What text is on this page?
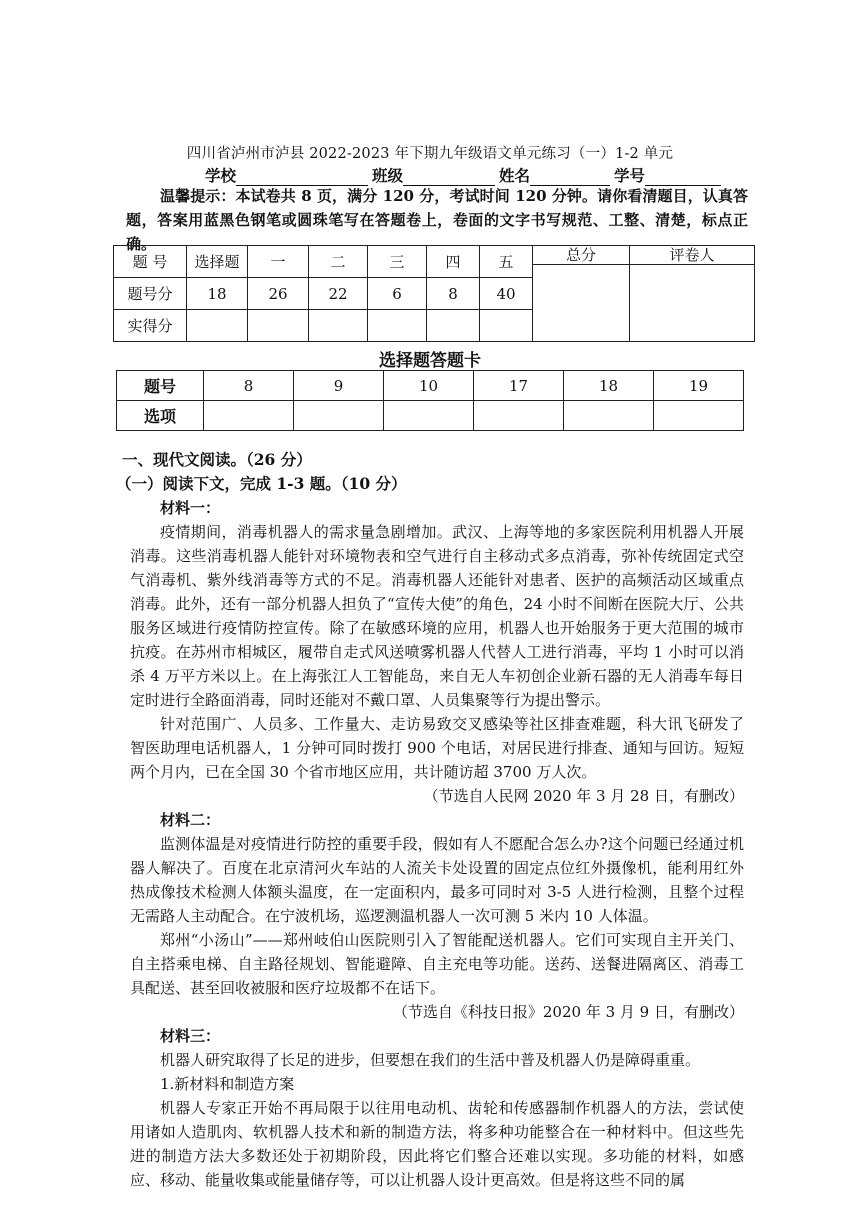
四川省泸州市泸县 2022-2023 年下期九年级语文单元练习（一）1-2 单元
学校	班级	姓名	学号
温馨提示：本试卷共 8 页，满分 120 分，考试时间 120 分钟。请你看清题目，认真答题，答案用蓝黑色钢笔或圆珠笔写在答题卷上，卷面的文字书写规范、工整、清楚，标点正确。
题 号	选择题	一	二	三	四	五	总分	评卷人

题号分	18	26	22	6	8	40		
实得分								
选择题答题卡
题号	8	9	10	17	18	19
选项						
一、现代文阅读。（26 分）
（一）阅读下文，完成 1-3 题。（10 分）
材料一：

疫情期间，消毒机器人的需求量急剧增加。武汉、上海等地的多家医院利用机器人开展消毒。这些消毒机器人能针对环境物表和空气进行自主移动式多点消毒，弥补传统固定式空气消毒机、紫外线消毒等方式的不足。消毒机器人还能针对患者、医护的高频活动区域重点消毒。此外，还有一部分机器人担负了“宣传大使”的角色，24 小时不间断在医院大厅、公共服务区域进行疫情防控宣传。除了在敏感环境的应用，机器人也开始服务于更大范围的城市抗疫。在苏州市相城区，履带自走式风送喷雾机器人代替人工进行消毒，平均 1 小时可以消杀 4 万平方米以上。在上海张江人工智能岛，来自无人车初创企业新石器的无人消毒车每日定时进行全路面消毒，同时还能对不戴口罩、人员集聚等行为提出警示。

针对范围广、人员多、工作量大、走访易致交叉感染等社区排查难题，科大讯飞研发了智医助理电话机器人，1 分钟可同时拨打 900 个电话，对居民进行排查、通知与回访。短短两个月内，已在全国 30 个省市地区应用，共计随访超 3700 万人次。

（节选自人民网 2020 年 3 月 28 日，有删改）
材料二：

监测体温是对疫情进行防控的重要手段，假如有人不愿配合怎么办?这个问题已经通过机器人解决了。百度在北京清河火车站的人流关卡处设置的固定点位红外摄像机，能利用红外热成像技术检测人体额头温度，在一定面积内，最多可同时对 3-5 人进行检测，且整个过程无需路人主动配合。在宁波机场，巡逻测温机器人一次可测 5 米内 10 人体温。

郑州“小汤山”——郑州岐伯山医院则引入了智能配送机器人。它们可实现自主开关门、自主搭乘电梯、自主路径规划、智能避障、自主充电等功能。送药、送餐进隔离区、消毒工具配送、甚至回收被服和医疗垃圾都不在话下。

（节选自《科技日报》2020 年 3 月 9 日，有删改）
材料三：

机器人研究取得了长足的进步，但要想在我们的生活中普及机器人仍是障碍重重。

1.新材料和制造方案

机器人专家正开始不再局限于以往用电动机、齿轮和传感器制作机器人的方法，尝试使用诸如人造肌肉、软机器人技术和新的制造方法，将多种功能整合在一种材料中。但这些先进的制造方法大多数还处于初期阶段，因此将它们整合还难以实现。多功能的材料，如感应、移动、能量收集或能量储存等，可以让机器人设计更高效。但是将这些不同的属
